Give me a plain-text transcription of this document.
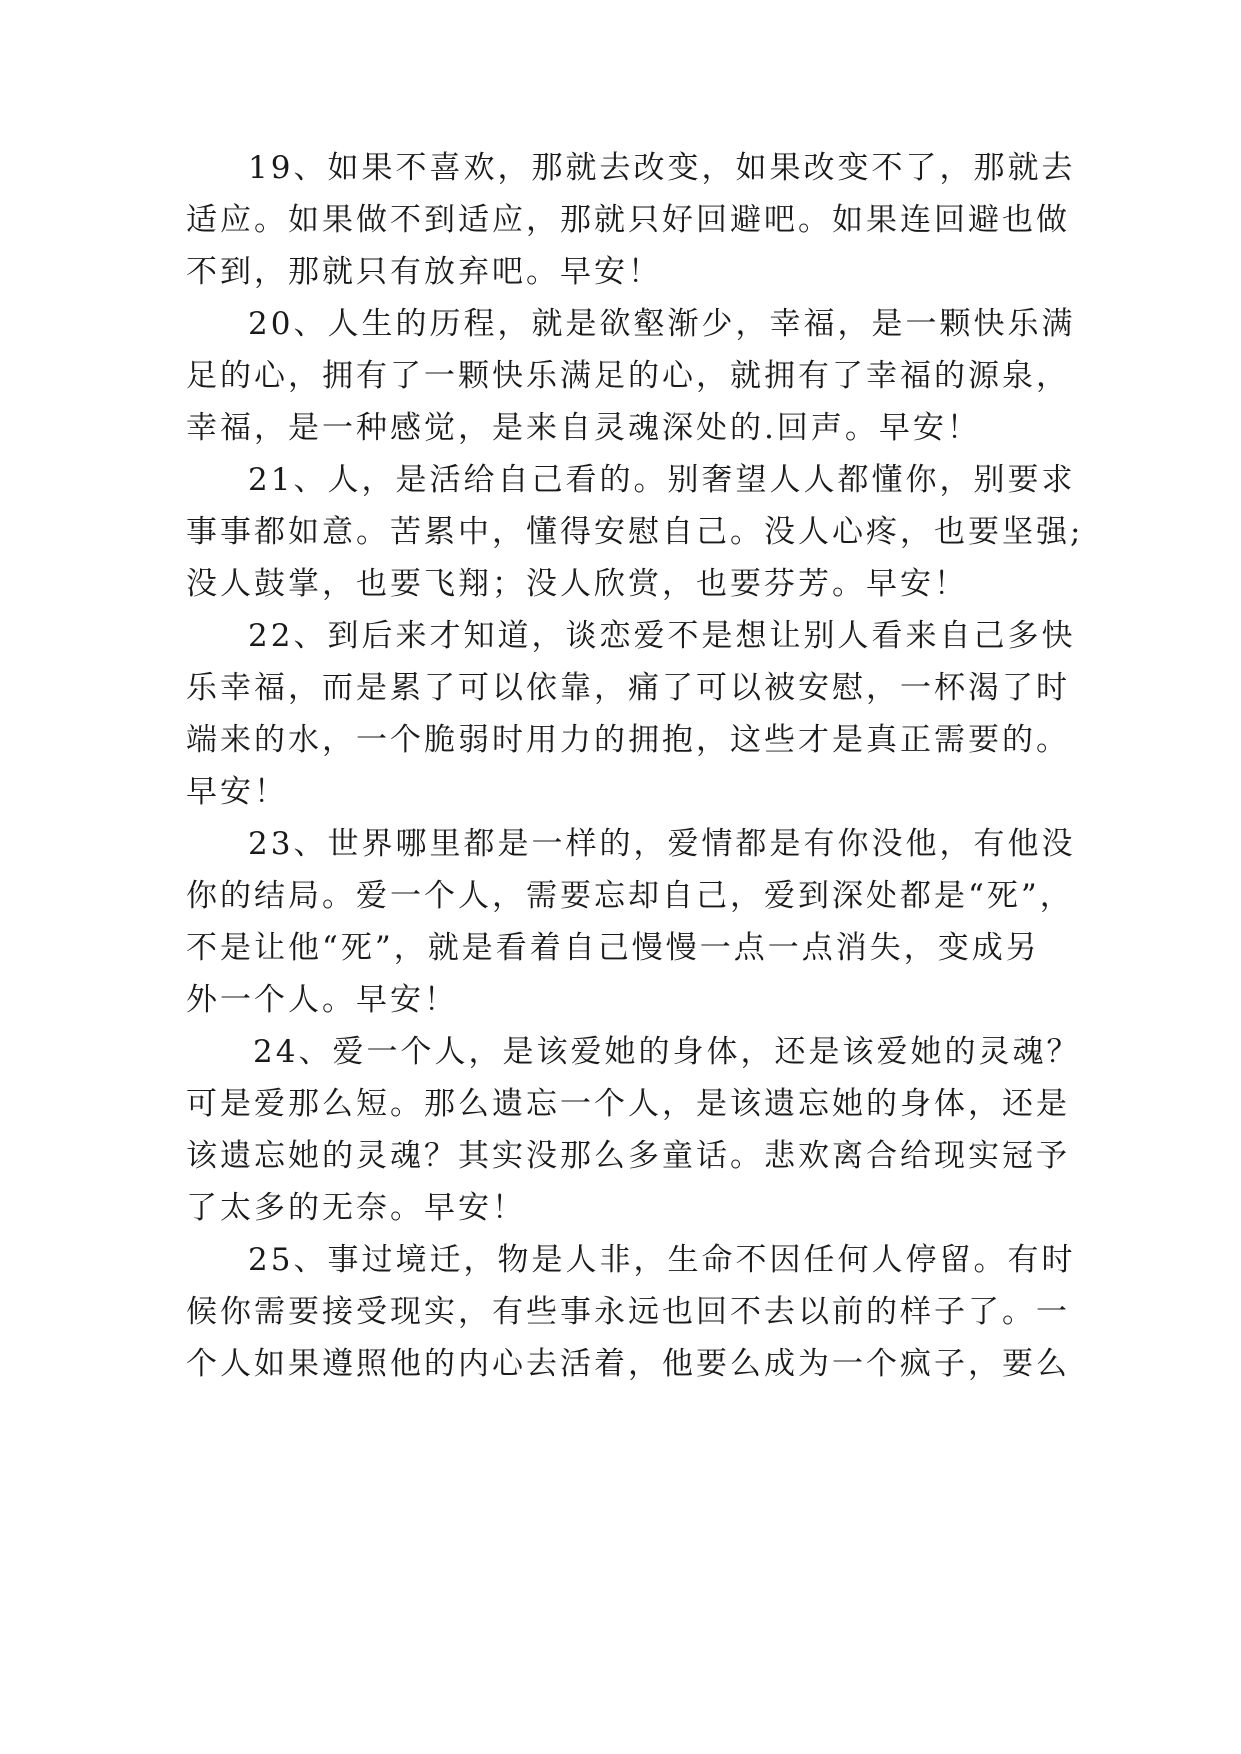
19、如果不喜欢，那就去改变，如果改变不了，那就去
适应。如果做不到适应，那就只好回避吧。如果连回避也做
不到，那就只有放弃吧。早安！
20、人生的历程，就是欲壑渐少，幸福，是一颗快乐满
足的心，拥有了一颗快乐满足的心，就拥有了幸福的源泉，
幸福，是一种感觉，是来自灵魂深处的.回声。早安！
21、人，是活给自己看的。别奢望人人都懂你，别要求
事事都如意。苦累中，懂得安慰自己。没人心疼，也要坚强;
没人鼓掌，也要飞翔；没人欣赏，也要芬芳。早安！
22、到后来才知道，谈恋爱不是想让别人看来自己多快
乐幸福，而是累了可以依靠，痛了可以被安慰，一杯渴了时
端来的水，一个脆弱时用力的拥抱，这些才是真正需要的。
早安！
23、世界哪里都是一样的，爱情都是有你没他，有他没
你的结局。爱一个人，需要忘却自己，爱到深处都是“死”，
不是让他“死”，就是看着自己慢慢一点一点消失，变成另
外一个人。早安！
24、爱一个人，是该爱她的身体，还是该爱她的灵魂？
可是爱那么短。那么遗忘一个人，是该遗忘她的身体，还是
该遗忘她的灵魂？其实没那么多童话。悲欢离合给现实冠予
了太多的无奈。早安！
25、事过境迁，物是人非，生命不因任何人停留。有时
候你需要接受现实，有些事永远也回不去以前的样子了。一
个人如果遵照他的内心去活着，他要么成为一个疯子，要么
